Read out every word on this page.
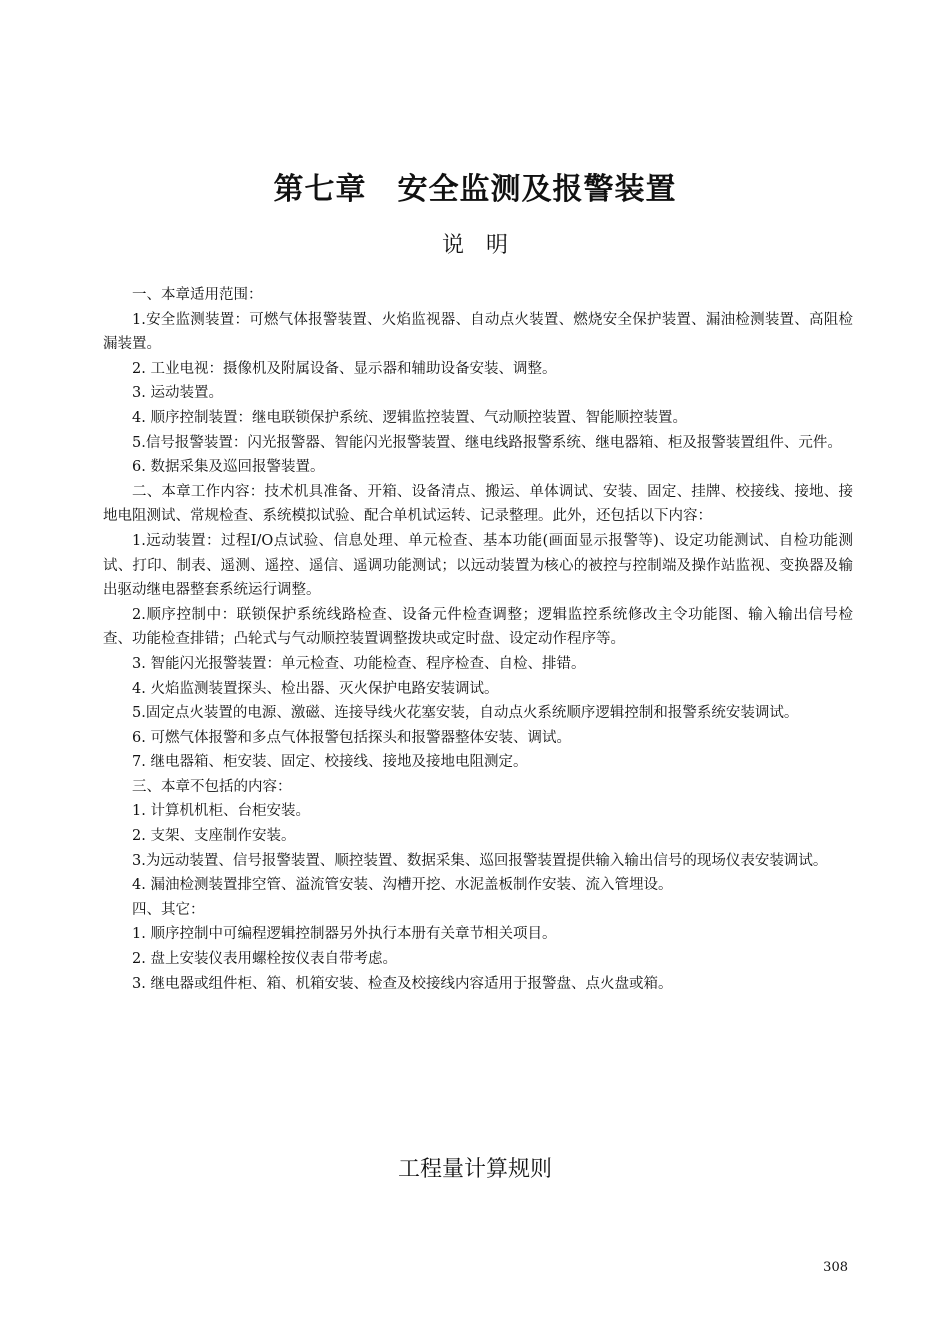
第七章　安全监测及报警装置
说　明

一、本章适用范围：

1.安全监测装置：可燃气体报警装置、火焰监视器、自动点火装置、燃烧安全保护装置、漏油检测装置、高阻检漏装置。

2. 工业电视：摄像机及附属设备、显示器和辅助设备安装、调整。

3. 运动装置。

4. 顺序控制装置：继电联锁保护系统、逻辑监控装置、气动顺控装置、智能顺控装置。

5.信号报警装置：闪光报警器、智能闪光报警装置、继电线路报警系统、继电器箱、柜及报警装置组件、元件。

6. 数据采集及巡回报警装置。

二、本章工作内容：技术机具准备、开箱、设备清点、搬运、单体调试、安装、固定、挂牌、校接线、接地、接地电阻测试、常规检查、系统模拟试验、配合单机试运转、记录整理。此外，还包括以下内容：

1.远动装置：过程I/O点试验、信息处理、单元检查、基本功能(画面显示报警等)、设定功能测试、自检功能测试、打印、制表、遥测、遥控、遥信、遥调功能测试；以远动装置为核心的被控与控制端及操作站监视、变换器及输出驱动继电器整套系统运行调整。

2.顺序控制中：联锁保护系统线路检查、设备元件检查调整；逻辑监控系统修改主令功能图、输入输出信号检查、功能检查排错；凸轮式与气动顺控装置调整拨块或定时盘、设定动作程序等。

3. 智能闪光报警装置：单元检查、功能检查、程序检查、自检、排错。

4. 火焰监测装置探头、检出器、灭火保护电路安装调试。

5.固定点火装置的电源、激磁、连接导线火花塞安装，自动点火系统顺序逻辑控制和报警系统安装调试。

6. 可燃气体报警和多点气体报警包括探头和报警器整体安装、调试。

7. 继电器箱、柜安装、固定、校接线、接地及接地电阻测定。

三、本章不包括的内容：

1. 计算机机柜、台柜安装。

2. 支架、支座制作安装。

3.为远动装置、信号报警装置、顺控装置、数据采集、巡回报警装置提供输入输出信号的现场仪表安装调试。

4. 漏油检测装置排空管、溢流管安装、沟槽开挖、水泥盖板制作安装、流入管埋设。

四、其它：

1. 顺序控制中可编程逻辑控制器另外执行本册有关章节相关项目。

2. 盘上安装仪表用螺栓按仪表自带考虑。

3. 继电器或组件柜、箱、机箱安装、检查及校接线内容适用于报警盘、点火盘或箱。

工程量计算规则
308
